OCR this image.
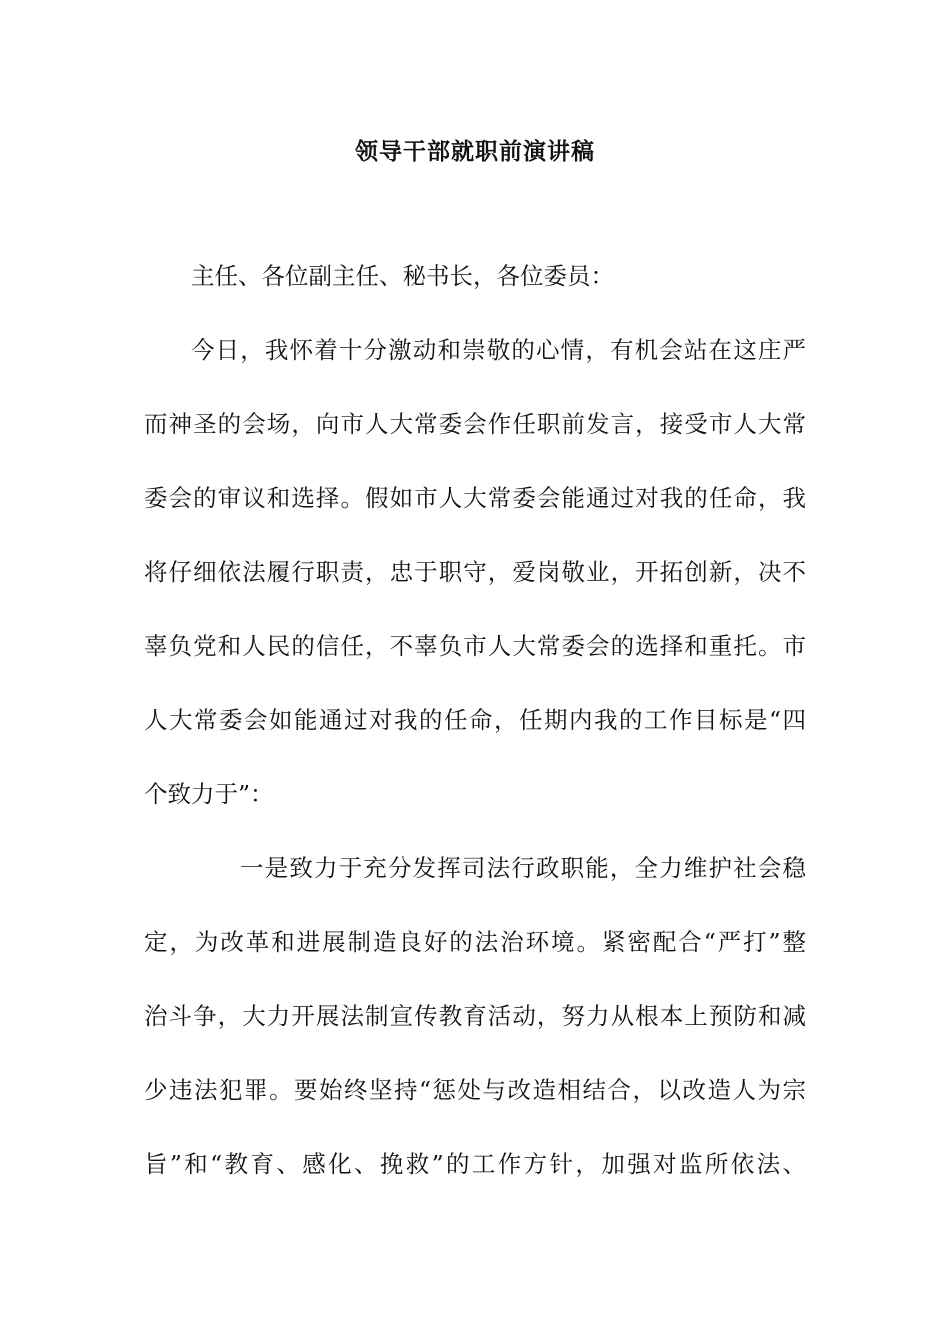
领导干部就职前演讲稿
主任、各位副主任、秘书长，各位委员：
今日，我怀着十分激动和崇敬的心情，有机会站在这庄严
而神圣的会场，向市人大常委会作任职前发言，接受市人大常
委会的审议和选择。假如市人大常委会能通过对我的任命，我
将仔细依法履行职责，忠于职守，爱岗敬业，开拓创新，决不
辜负党和人民的信任，不辜负市人大常委会的选择和重托。市
人大常委会如能通过对我的任命，任期内我的工作目标是“四
个致力于”：
一是致力于充分发挥司法行政职能，全力维护社会稳
定，为改革和进展制造良好的法治环境。紧密配合“严打”整
治斗争，大力开展法制宣传教育活动，努力从根本上预防和减
少违法犯罪。要始终坚持“惩处与改造相结合，以改造人为宗
旨”和“教育、感化、挽救”的工作方针，加强对监所依法、
